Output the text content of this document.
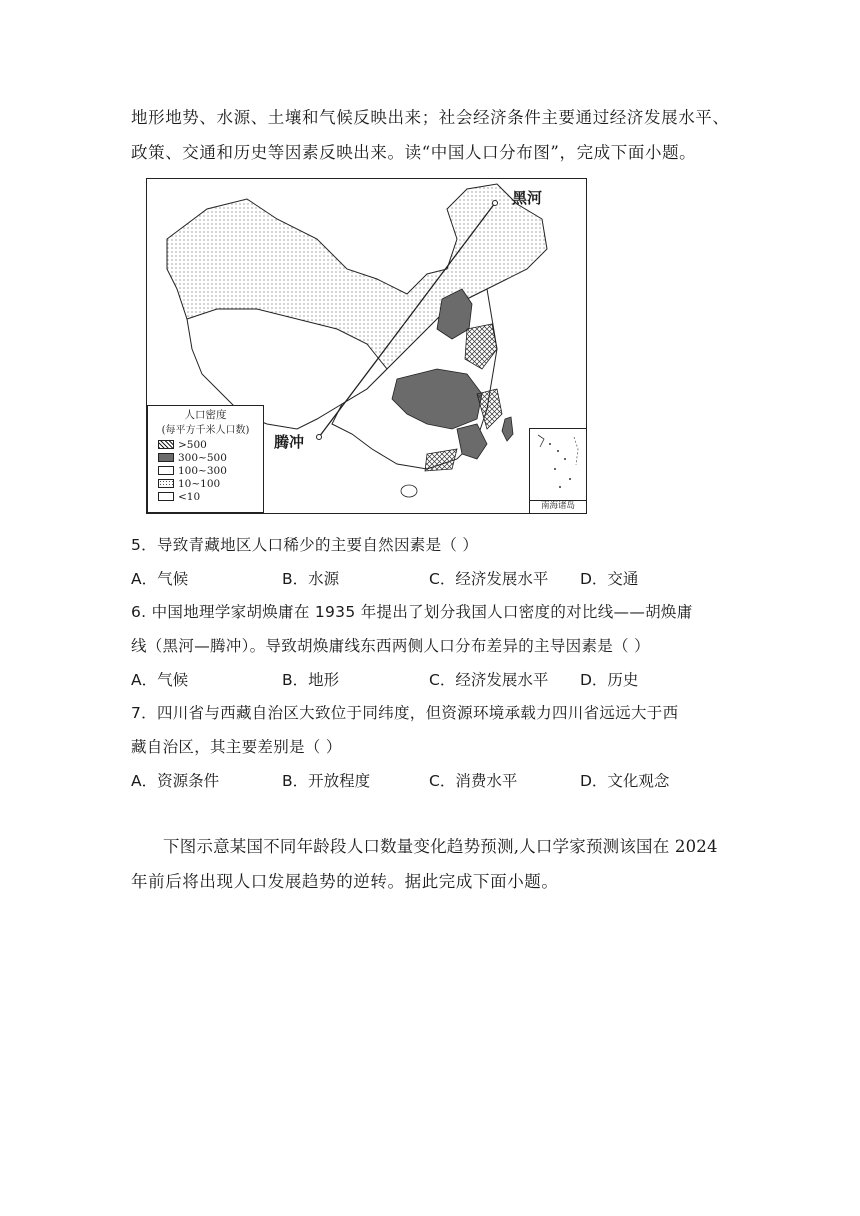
地形地势、水源、土壤和气候反映出来；社会经济条件主要通过经济发展水平、
政策、交通和历史等因素反映出来。读“中国人口分布图”，完成下面小题。
黑河
腾冲
人口密度
(每平方千米人口数)
>500
300~500
100~300
10~100
<10
南海诸岛
5．导致青藏地区人口稀少的主要自然因素是（ ）
A．气候	B．水源	C．经济发展水平 D．交通
6. 中国地理学家胡焕庸在 1935 年提出了划分我国人口密度的对比线——胡焕庸
线（黑河—腾冲）。导致胡焕庸线东西两侧人口分布差异的主导因素是（ ）
A．气候	B．地形	C．经济发展水平 D．历史
7．四川省与西藏自治区大致位于同纬度，但资源环境承载力四川省远远大于西
藏自治区，其主要差别是（ ）
A．资源条件	B．开放程度	C．消费水平	D．文化观念
下图示意某国不同年龄段人口数量变化趋势预测,人口学家预测该国在 2024
年前后将出现人口发展趋势的逆转。据此完成下面小题。
